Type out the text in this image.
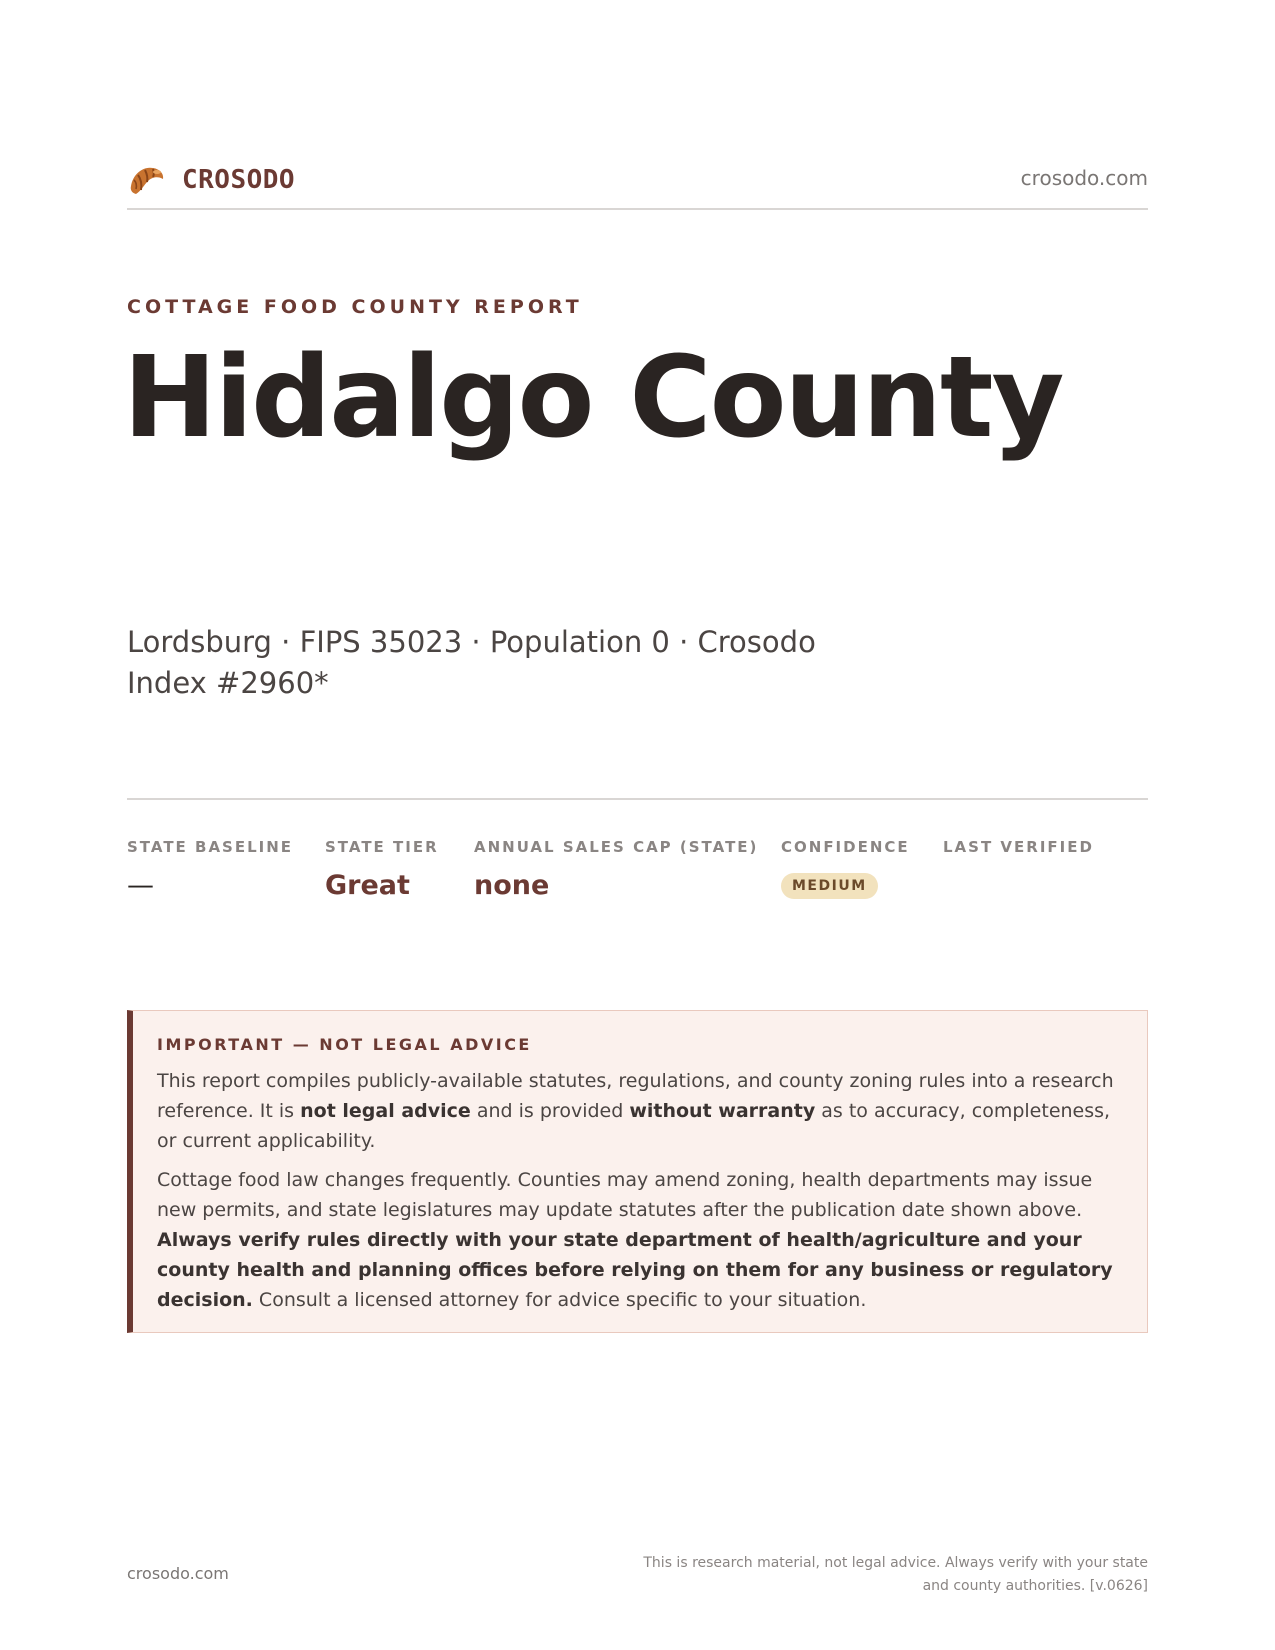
CROSODO	crosodo.com
COTTAGE FOOD COUNTY REPORT
Hidalgo County
Lordsburg · FIPS 35023 · Population 0 · Crosodo Index #2960*
STATE BASELINE
—
STATE TIER
Great
ANNUAL SALES CAP (STATE)
none
CONFIDENCE
MEDIUM
LAST VERIFIED
IMPORTANT — NOT LEGAL ADVICE

This report compiles publicly-available statutes, regulations, and county zoning rules into a research reference. It is not legal advice and is provided without warranty as to accuracy, completeness, or current applicability.

Cottage food law changes frequently. Counties may amend zoning, health departments may issue new permits, and state legislatures may update statutes after the publication date shown above. Always verify rules directly with your state department of health/agriculture and your county health and planning offices before relying on them for any business or regulatory decision. Consult a licensed attorney for advice specific to your situation.

crosodo.com
This is research material, not legal advice. Always verify with your state and county authorities. [v.0626]
